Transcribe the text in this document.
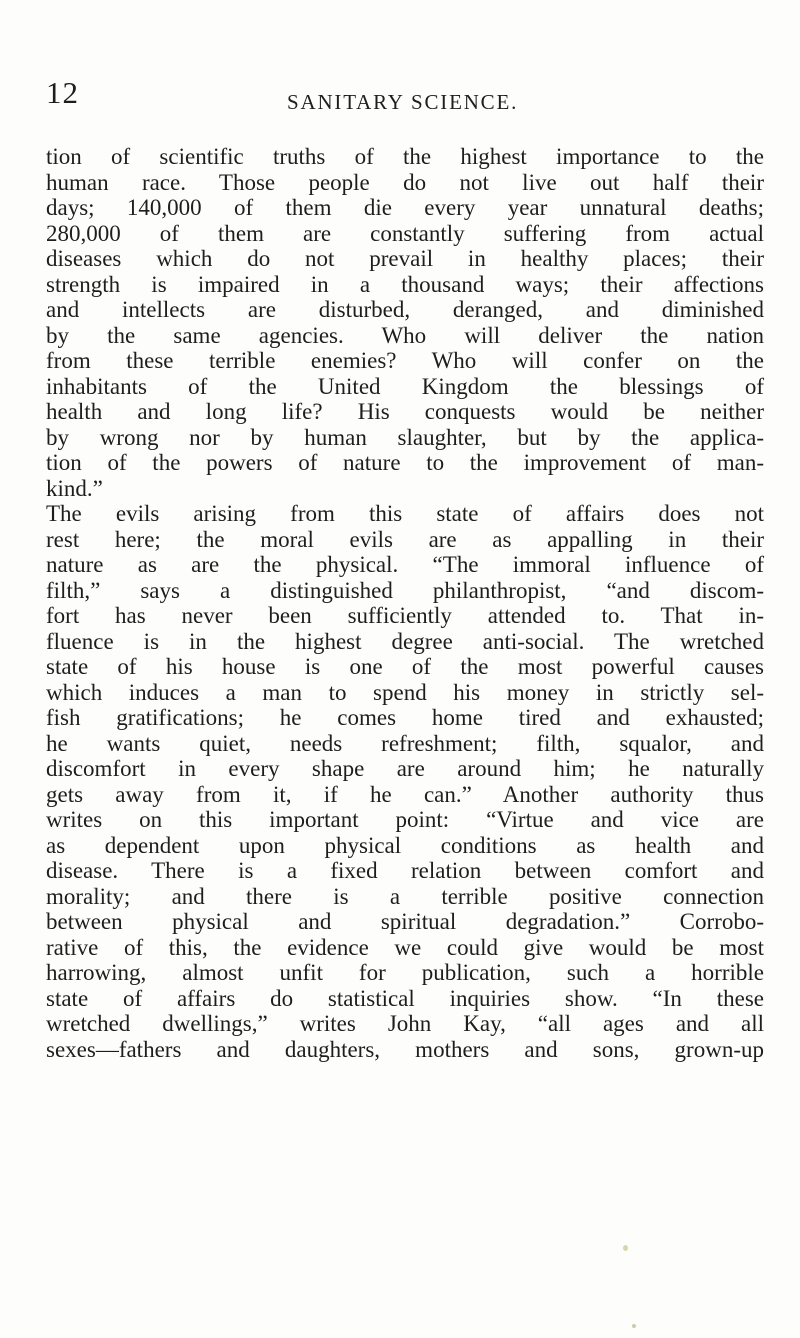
12	SANITARY SCIENCE.
tion of scientific truths of the highest importance to the
human race. Those people do not live out half their
days; 140,000 of them die every year unnatural deaths;
280,000 of them are constantly suffering from actual
diseases which do not prevail in healthy places; their
strength is impaired in a thousand ways; their affections
and intellects are disturbed, deranged, and diminished
by the same agencies. Who will deliver the nation
from these terrible enemies? Who will confer on the
inhabitants of the United Kingdom the blessings of
health and long life? His conquests would be neither
by wrong nor by human slaughter, but by the applica-
tion of the powers of nature to the improvement of man-
kind.”
The evils arising from this state of affairs does not
rest here; the moral evils are as appalling in their
nature as are the physical. “The immoral influence of
filth,” says a distinguished philanthropist, “and discom-
fort has never been sufficiently attended to. That in-
fluence is in the highest degree anti-social. The wretched
state of his house is one of the most powerful causes
which induces a man to spend his money in strictly sel-
fish gratifications; he comes home tired and exhausted;
he wants quiet, needs refreshment; filth, squalor, and
discomfort in every shape are around him; he naturally
gets away from it, if he can.” Another authority thus
writes on this important point: “Virtue and vice are
as dependent upon physical conditions as health and
disease. There is a fixed relation between comfort and
morality; and there is a terrible positive connection
between physical and spiritual degradation.” Corrobo-
rative of this, the evidence we could give would be most
harrowing, almost unfit for publication, such a horrible
state of affairs do statistical inquiries show. “In these
wretched dwellings,” writes John Kay, “all ages and all
sexes—fathers and daughters, mothers and sons, grown-up
